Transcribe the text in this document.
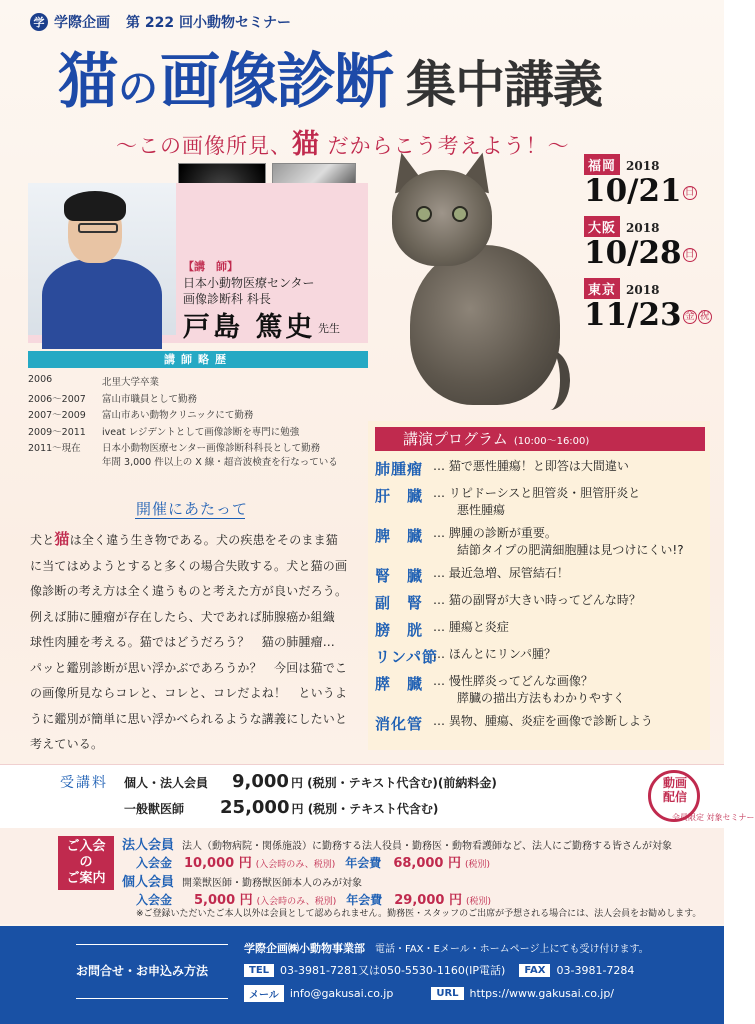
学 学際企画 第 222 回小動物セミナー
猫 の 画像診断 集中講義
～この画像所見、猫 だからこう考えよう！～
【講　師】
日本小動物医療センター
画像診断科 科長
戸島 篤史 先生
講師略歴
2006	北里大学卒業
2006～2007	富山市職員として勤務
2007～2009	富山市あい動物クリニックにて勤務
2009～2011	iveat レジデントとして画像診断を専門に勉強
2011～現在	日本小動物医療センター画像診断科科長として勤務
年間 3,000 件以上の X 線・超音波検査を行なっている
福岡 2018
10/21 日
大阪 2018
10/28 日
東京 2018
11/23 金 祝
講演プログラム (10:00〜16:00)
肺腫瘤 … 猫で悪性腫瘍！と即答は大間違い
肝　臓 … リピドーシスと胆管炎・胆管肝炎と
　　悪性腫瘍
脾　臓 … 脾腫の診断が重要。
　　結節タイプの肥満細胞腫は見つけにくい!?
腎　臓 … 最近急増、尿管結石！
副　腎 … 猫の副腎が大きい時ってどんな時？
膀　胱 … 腫瘍と炎症
リンパ節
… ほんとにリンパ腫？
膵　臓 … 慢性膵炎ってどんな画像？
　　膵臓の描出方法もわかりやすく
消化管 … 異物、腫瘍、炎症を画像で診断しよう
開催にあたって
犬と猫は全く違う生き物である。犬の疾患をそのまま猫
に当てはめようとすると多くの場合失敗する。犬と猫の画
像診断の考え方は全く違うものと考えた方が良いだろう。
例えば肺に腫瘤が存在したら、犬であれば肺腺癌か組織
球性肉腫を考える。猫ではどうだろう？　猫の肺腫瘤…
パッと鑑別診断が思い浮かぶであろうか？　今回は猫でこ
の画像所見ならコレと、コレと、コレだよね！　というよ
うに鑑別が簡単に思い浮かべられるような講義にしたいと
考えている。
受講料 個人・法人会員 9,000 円 (税別・テキスト代含む)(前納料金)
一般獣医師 25,000 円 (税別・テキスト代含む)
動画
配信
会員限定 対象セミナー
ご入会
の
ご案内
法人会員 法人（動物病院・関係施設）に勤務する法人役員・勤務医・動物看護師など、法人にご勤務する皆さんが対象
入会金 10,000 円 (入会時のみ、税別)　 年会費 68,000 円 (税別)
個人会員 開業獣医師・勤務獣医師本人のみが対象
入会金 5,000 円 (入会時のみ、税別)　 年会費 29,000 円 (税別)
※ご登録いただいたご本人以外は会員として認められません。勤務医・スタッフのご出席が予想される場合には、法人会員をお勧めします。
お問合せ・お申込み方法
学際企画㈱小動物事業部　 電話・FAX・Eメール・ホームページ上にても受け付けます。
TEL	03-3981-7281又は050-5530-1160(IP電話)	FAX	03-3981-7284
メール	info@gakusai.co.jp	URL	https://www.gakusai.co.jp/
